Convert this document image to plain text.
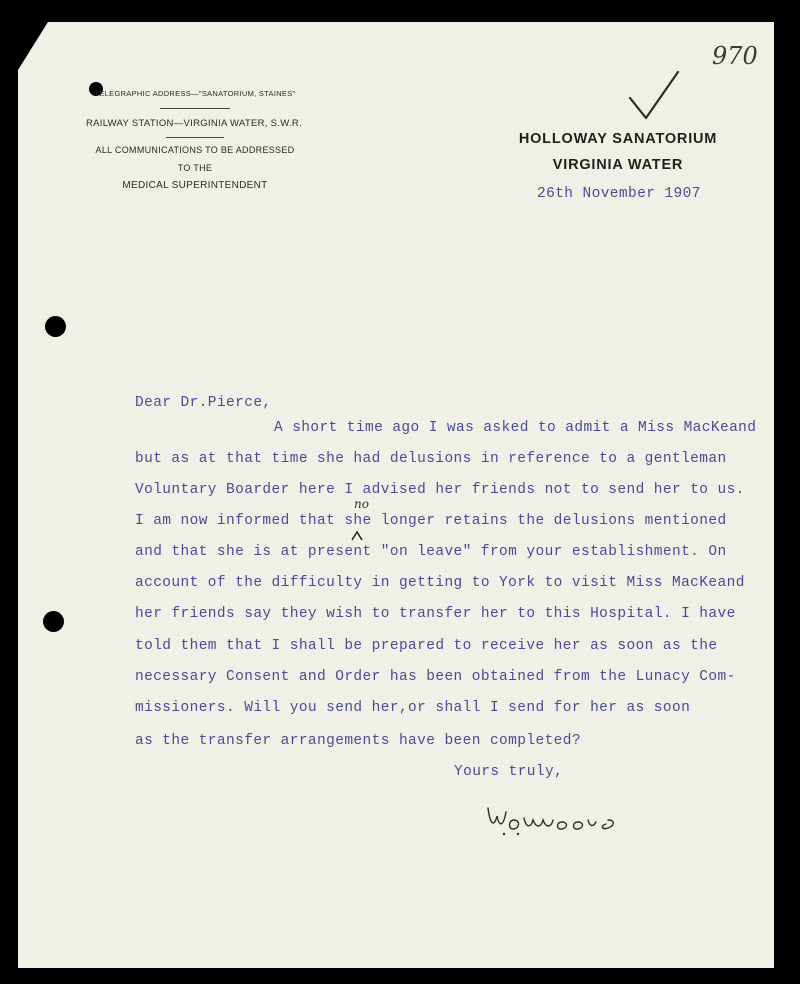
970
TELEGRAPHIC ADDRESS—"SANATORIUM, STAINES"
RAILWAY STATION—VIRGINIA WATER, S.W.R.
ALL COMMUNICATIONS TO BE ADDRESSED
TO THE
MEDICAL SUPERINTENDENT
HOLLOWAY SANATORIUM
VIRGINIA WATER
26th November 1907
Dear Dr.Pierce,
A short time ago I was asked to admit a Miss MacKeand
but as at that time she had delusions in reference to a gentleman
Voluntary Boarder here I advised her friends not to send her to us.
I am now informed that she longer retains the delusions mentioned
no
and that she is at present "on leave" from your establishment. On
account of the difficulty in getting to York to visit Miss MacKeand
her friends say they wish to transfer her to this Hospital. I have
told them that I shall be prepared to receive her as soon as the
necessary Consent and Order has been obtained from the Lunacy Com-
missioners. Will you send her,or shall I send for her as soon
as the transfer arrangements have been completed?
Yours truly,
